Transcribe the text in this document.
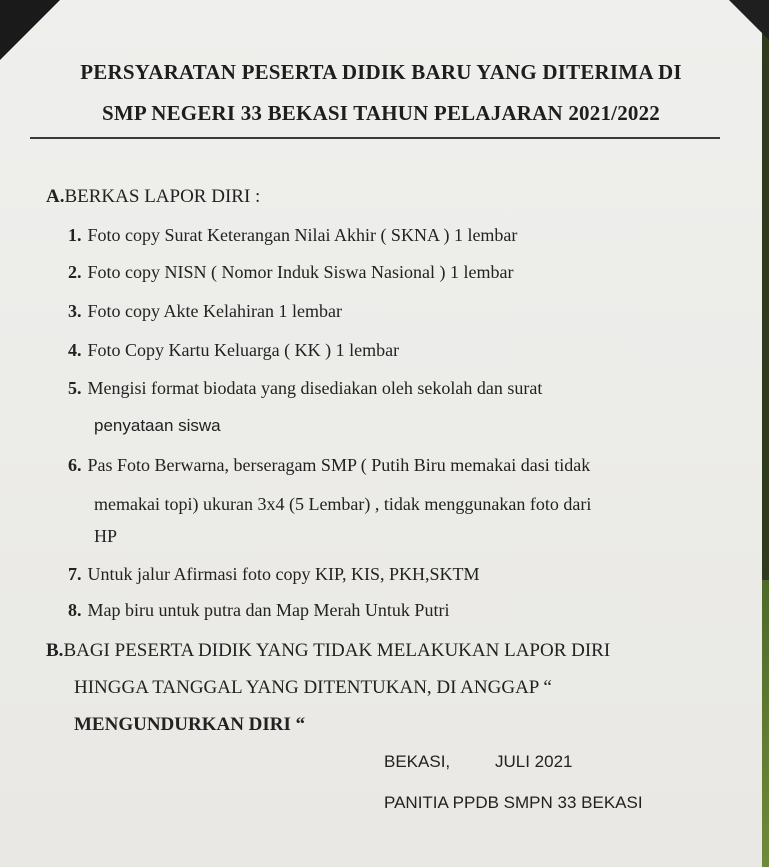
PERSYARATAN PESERTA DIDIK BARU YANG DITERIMA DI
SMP NEGERI 33 BEKASI TAHUN PELAJARAN 2021/2022
A.BERKAS LAPOR DIRI :
1. Foto copy Surat Keterangan Nilai Akhir ( SKNA ) 1 lembar
2. Foto copy NISN ( Nomor Induk Siswa Nasional ) 1 lembar
3. Foto copy Akte Kelahiran 1 lembar
4. Foto Copy Kartu Keluarga ( KK ) 1 lembar
5. Mengisi format biodata yang disediakan oleh sekolah dan surat
penyataan siswa
6. Pas Foto Berwarna, berseragam SMP ( Putih Biru memakai dasi tidak
memakai topi) ukuran 3x4 (5 Lembar) , tidak menggunakan foto dari
HP
7. Untuk jalur Afirmasi foto copy KIP, KIS, PKH,SKTM
8. Map biru untuk putra dan Map Merah Untuk Putri
B.BAGI PESERTA DIDIK YANG TIDAK MELAKUKAN LAPOR DIRI
HINGGA TANGGAL YANG DITENTUKAN, DI ANGGAP “
MENGUNDURKAN DIRI “
BEKASI,	JULI 2021
PANITIA PPDB SMPN 33 BEKASI
